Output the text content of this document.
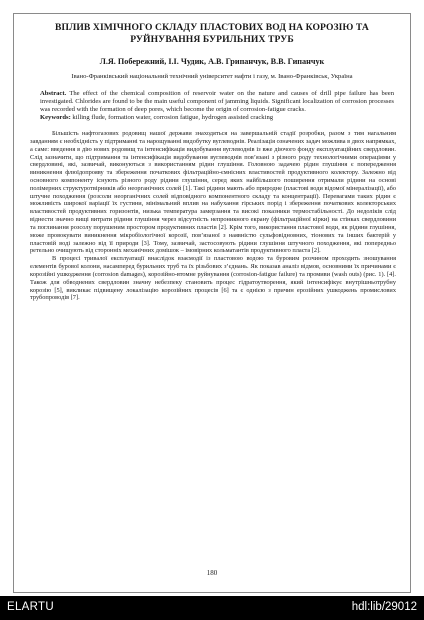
ВПЛИВ ХІМІЧНОГО СКЛАДУ ПЛАСТОВИХ ВОД НА КОРОЗІЮ ТА РУЙНУВАННЯ БУРИЛЬНИХ ТРУБ
Л.Я. Побережний, І.І. Чудик, А.В. Грипанчук, В.В. Гипанчук
Івано-Франківський національний технічний університет нафти і газу, м. Івано-Франківськ, Україна
Abstract. The effect of the chemical composition of reservoir water on the nature and causes of drill pipe failure has been investigated. Chlorides are found to be the main useful component of jamming liquids. Significant localization of corrosion processes was recorded with the formation of deep pores, which become the origin of corrosion-fatigue cracks.
Keywords: killing flude, formation water, corrosion fatigue, hydrogen assisted cracking

Більшість нафтогазових родовищ нашої держави знаходяться на завершальній стадії розробки, разом з тим нагальним завданням є необхідність у підтриманні та нарощуванні видобутку вуглеводнів. Реалізація означених задач можлива в двох напрямках, а саме: введення в дію нових родовищ та інтенсифікація видобування вуглеводнів із вже діючого фонду експлуатаційних свердловин. Слід зазначити, що підтримання та інтенсифікація видобування вуглеводнів пов’язані з різного роду технологічними операціями у свердловині, які, зазвичай, виконуються з використанням рідин глушіння. Головною задачею рідин глушіння є попередження виникнення флюїдопрояву та збереження початкових фільтраційно-ємнісних властивостей продуктивного колектору. Залежно від основного компоненту існують різного роду рідини глушіння, серед яких найбільшого поширення отримали рідини на основі полімерних структуротвірників або неорганічних солей [1]. Такі рідини мають або природне (пластові води відомої мінералізації), або штучне походження (розсоли неорганічних солей відповідного компонентного складу та концентрації). Перевагами таких рідин є можливість широкої варіації їх густини, мінімальний вплив на набухання гірських порід і збереження початкових колекторських властивостей продуктивних горизонтів, низька температура замерзання та високі показники термостабільності. До недоліків слід віднести значно вищі витрати рідини глушіння через відсутність непроникного екрану (фільтраційної кірки) на стінках свердловини та поглинання розсолу порушеним простором продуктивних пластів [2]. Крім того, використання пластової води, як рідини глушіння, може провокувати виникнення мікробіологічної корозії, пов’язаної з наявністю сульфовідновних, тіонових та інших бактерій у пластовій воді залежно від її природи [3]. Тому, зазвичай, застосовують рідини глушіння штучного походження, які попередньо ретельно очищують від сторонніх механічних домішок – імовірних кольматантів продуктивного пласта [2].

В процесі тривалої експлуатації внаслідок взаємодії із пластовою водою та буровим розчином проходить зношування елементів бурової колони, насамперед бурильних труб та їх різьбових з’єднань. Як показав аналіз відмов, основними їх причинами є корозійні ушкодження (corrosion damages), корозійно-втомне руйнування (corrosion-fatigue failure) та промиви (wash outs) (рис. 1). [4]. Також для обводнених свердловин значну небезпеку становить процес гідратоутворення, який інтенсифікує внутрішньотрубну корозію [5], викликає підвищену локалізацію корозійних процесів [6] та є однією з причин ерозійних ушкоджень промислових трубопроводів [7].

180
ELARTU	hdl:lib/29012
